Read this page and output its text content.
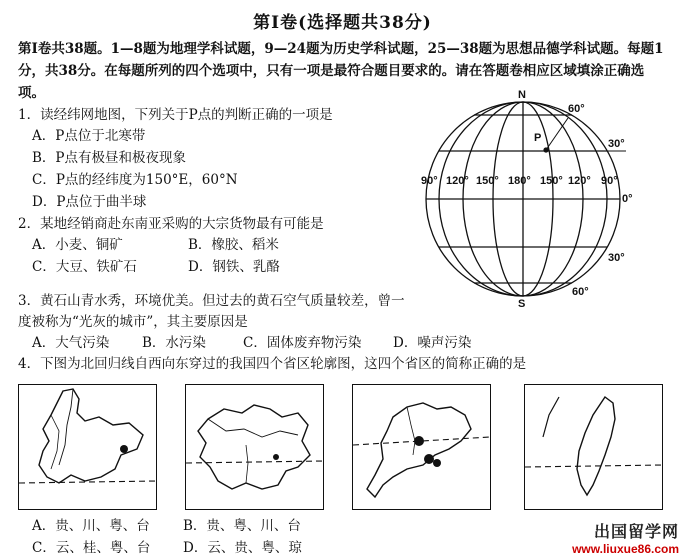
第Ⅰ卷(选择题共38分)
第Ⅰ卷共38题。1—8题为地理学科试题，9—24题为历史学科试题，25—38题为思想品德学科试题。每题1分，共38分。在每题所列的四个选项中，只有一项是最符合题目要求的。请在答题卷相应区域填涂正确选项。
1．读经纬网地图，下列关于P点的判断正确的一项是
A．P点位于北寒带
B．P点有极昼和极夜现象
C．P点的经纬度为150°E，60°N
D．P点位于曲半球
2．某地经销商赴东南亚采购的大宗货物最有可能是
A．小麦、铜矿	B．橡胶、稻米
C．大豆、铁矿石	D．钢铁、乳酪
3．黄石山青水秀，环境优美。但过去的黄石空气质量较差，曾一
度被称为“光灰的城市”，其主要原因是
A．大气污染 B．水污染	C．固体废弃物污染 D．噪声污染
4．下图为北回归线自西向东穿过的我国四个省区轮廓图，这四个省区的简称正确的是
N
S
P
60°
30°
0°
30°
60°
90° 120° 150° 180° 150° 120° 90°
A．贵、川、粤、台 B．贵、粤、川、台
C．云、桂、粤、台 D．云、贵、粤、琼
出国留学网
www.liuxue86.com
